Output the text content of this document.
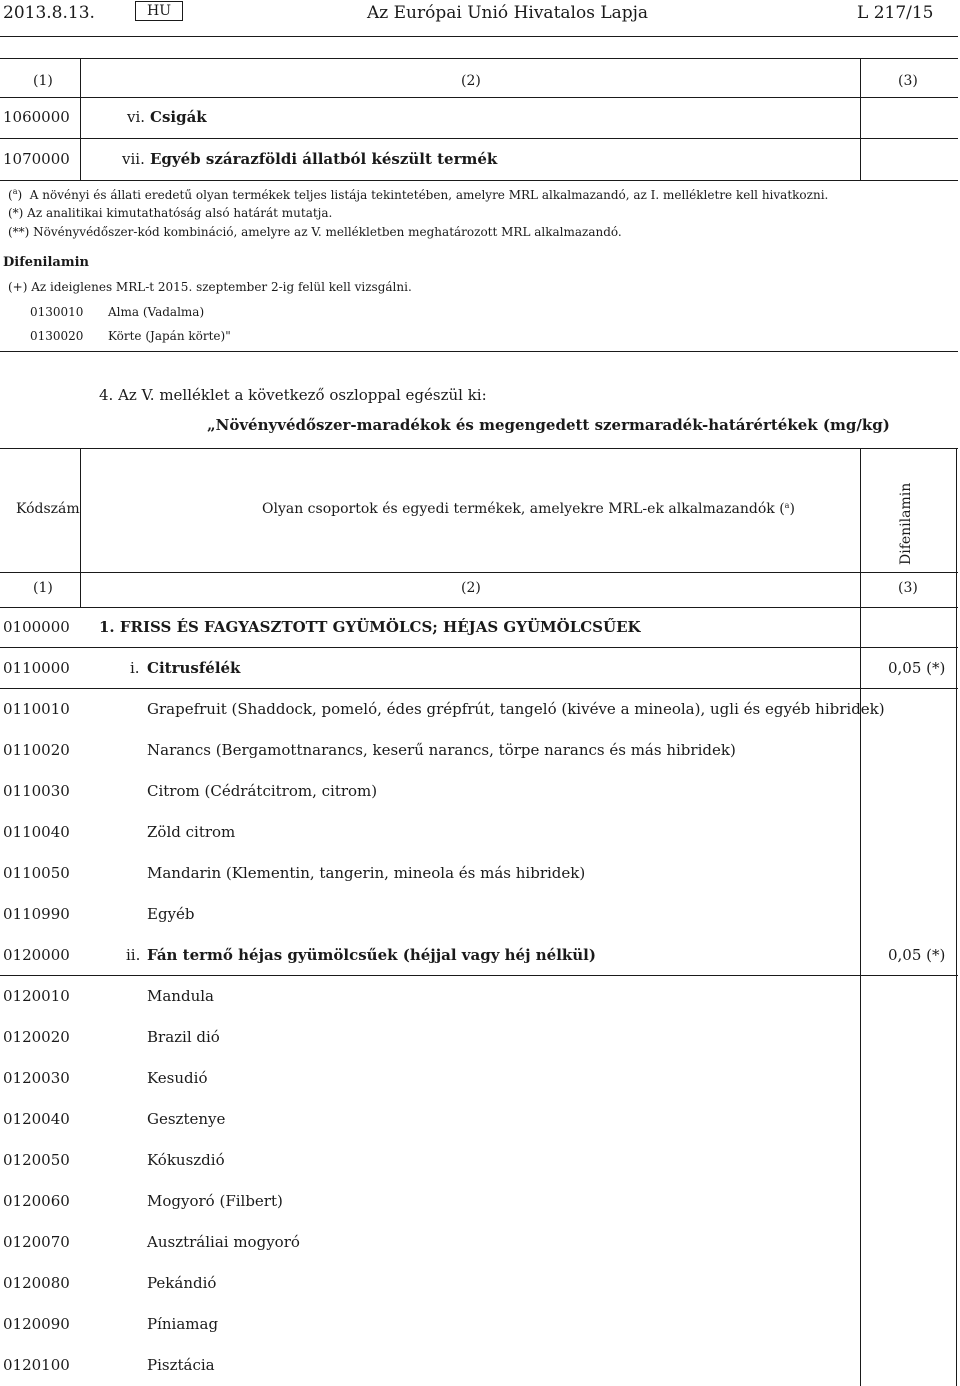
2013.8.13.	HU	Az Európai Unió Hivatalos Lapja	L 217/15
(1)	(2)	(3)
1060000	vi. Csigák
1070000	vii. Egyéb szárazföldi állatból készült termék
($^a$)  A növényi és állati eredetű olyan termékek teljes listája tekintetében, amelyre MRL alkalmazandó, az I. mellékletre kell hivatkozni.
(*) Az analitikai kimutathatóság alsó határát mutatja.
(**) Növényvédőszer-kód kombináció, amelyre az V. mellékletben meghatározott MRL alkalmazandó.
Difenilamin
(+) Az ideiglenes MRL-t 2015. szeptember 2-ig felül kell vizsgálni.
0130010 Alma (Vadalma)
0130020 Körte (Japán körte)"
4. Az V. melléklet a következő oszloppal egészül ki:
„Növényvédőszer-maradékok és megengedett szermaradék-határértékek (mg/kg)
Kódszám	Olyan csoportok és egyedi termékek, amelyekre MRL-ek alkalmazandók ($^a$)	Difenilamin
(1)	(2)	(3)
0100000 1. FRISS ÉS FAGYASZTOTT GYÜMÖLCS; HÉJAS GYÜMÖLCSŰEK
0110000	i. Citrusfélék	0,05 (*)
0110010	Grapefruit (Shaddock, pomeló, édes grépfrút, tangeló (kivéve a mineola), ugli és egyéb hibridek)
0110020	Narancs (Bergamottnarancs, keserű narancs, törpe narancs és más hibridek)
0110030	Citrom (Cédrátcitrom, citrom)
0110040	Zöld citrom
0110050	Mandarin (Klementin, tangerin, mineola és más hibridek)
0110990	Egyéb
0120000	ii. Fán termő héjas gyümölcsűek (héjjal vagy héj nélkül)	0,05 (*)
0120010	Mandula
0120020	Brazil dió
0120030	Kesudió
0120040	Gesztenye
0120050	Kókuszdió
0120060	Mogyoró (Filbert)
0120070	Ausztráliai mogyoró
0120080	Pekándió
0120090	Píniamag
0120100	Pisztácia
